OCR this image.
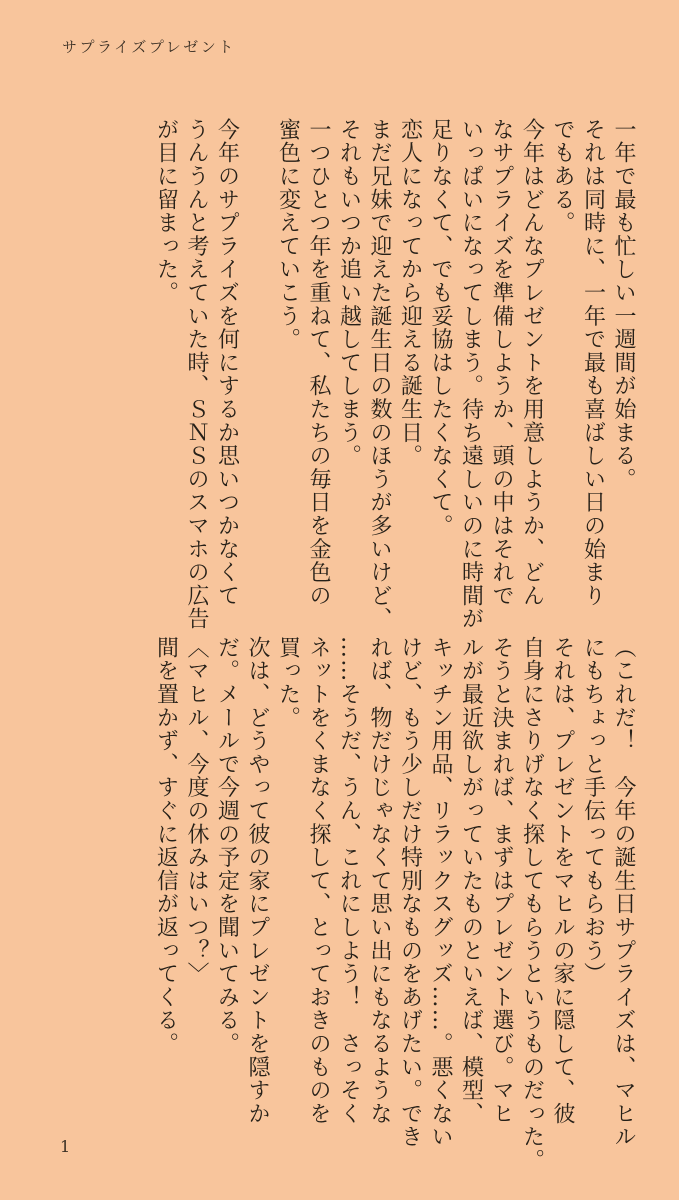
サプライズプレゼント
一年で最も忙しい一週間が始まる。
それは同時に、一年で最も喜ばしい日の始まり
でもある。
今年はどんなプレゼントを用意しようか、どん
なサプライズを準備しようか、頭の中はそれで
いっぱいになってしまう。待ち遠しいのに時間が
足りなくて、でも妥協はしたくなくて。
恋人になってから迎える誕生日。
まだ兄妹で迎えた誕生日の数のほうが多いけど、
それもいつか追い越してしまう。
一つひとつ年を重ねて、私たちの毎日を金色の
蜜色に変えていこう。
今年のサプライズを何にするか思いつかなくて
うんうんと考えていた時、ＳＮＳのスマホの広告
が目に留まった。
（これだ！　今年の誕生日サプライズは、マヒル
にもちょっと手伝ってもらおう）
それは、プレゼントをマヒルの家に隠して、彼
自身にさりげなく探してもらうというものだった。
そうと決まれば、まずはプレゼント選び。マヒ
ルが最近欲しがっていたものといえば、模型、
キッチン用品、リラックスグッズ……。悪くない
けど、もう少しだけ特別なものをあげたい。でき
れば、物だけじゃなくて思い出にもなるような
……そうだ、うん、これにしよう！　さっそく
ネットをくまなく探して、とっておきのものを
買った。
次は、どうやって彼の家にプレゼントを隠すか
だ。メールで今週の予定を聞いてみる。
〈マヒル、今度の休みはいつ？〉
間を置かず、すぐに返信が返ってくる。
1
